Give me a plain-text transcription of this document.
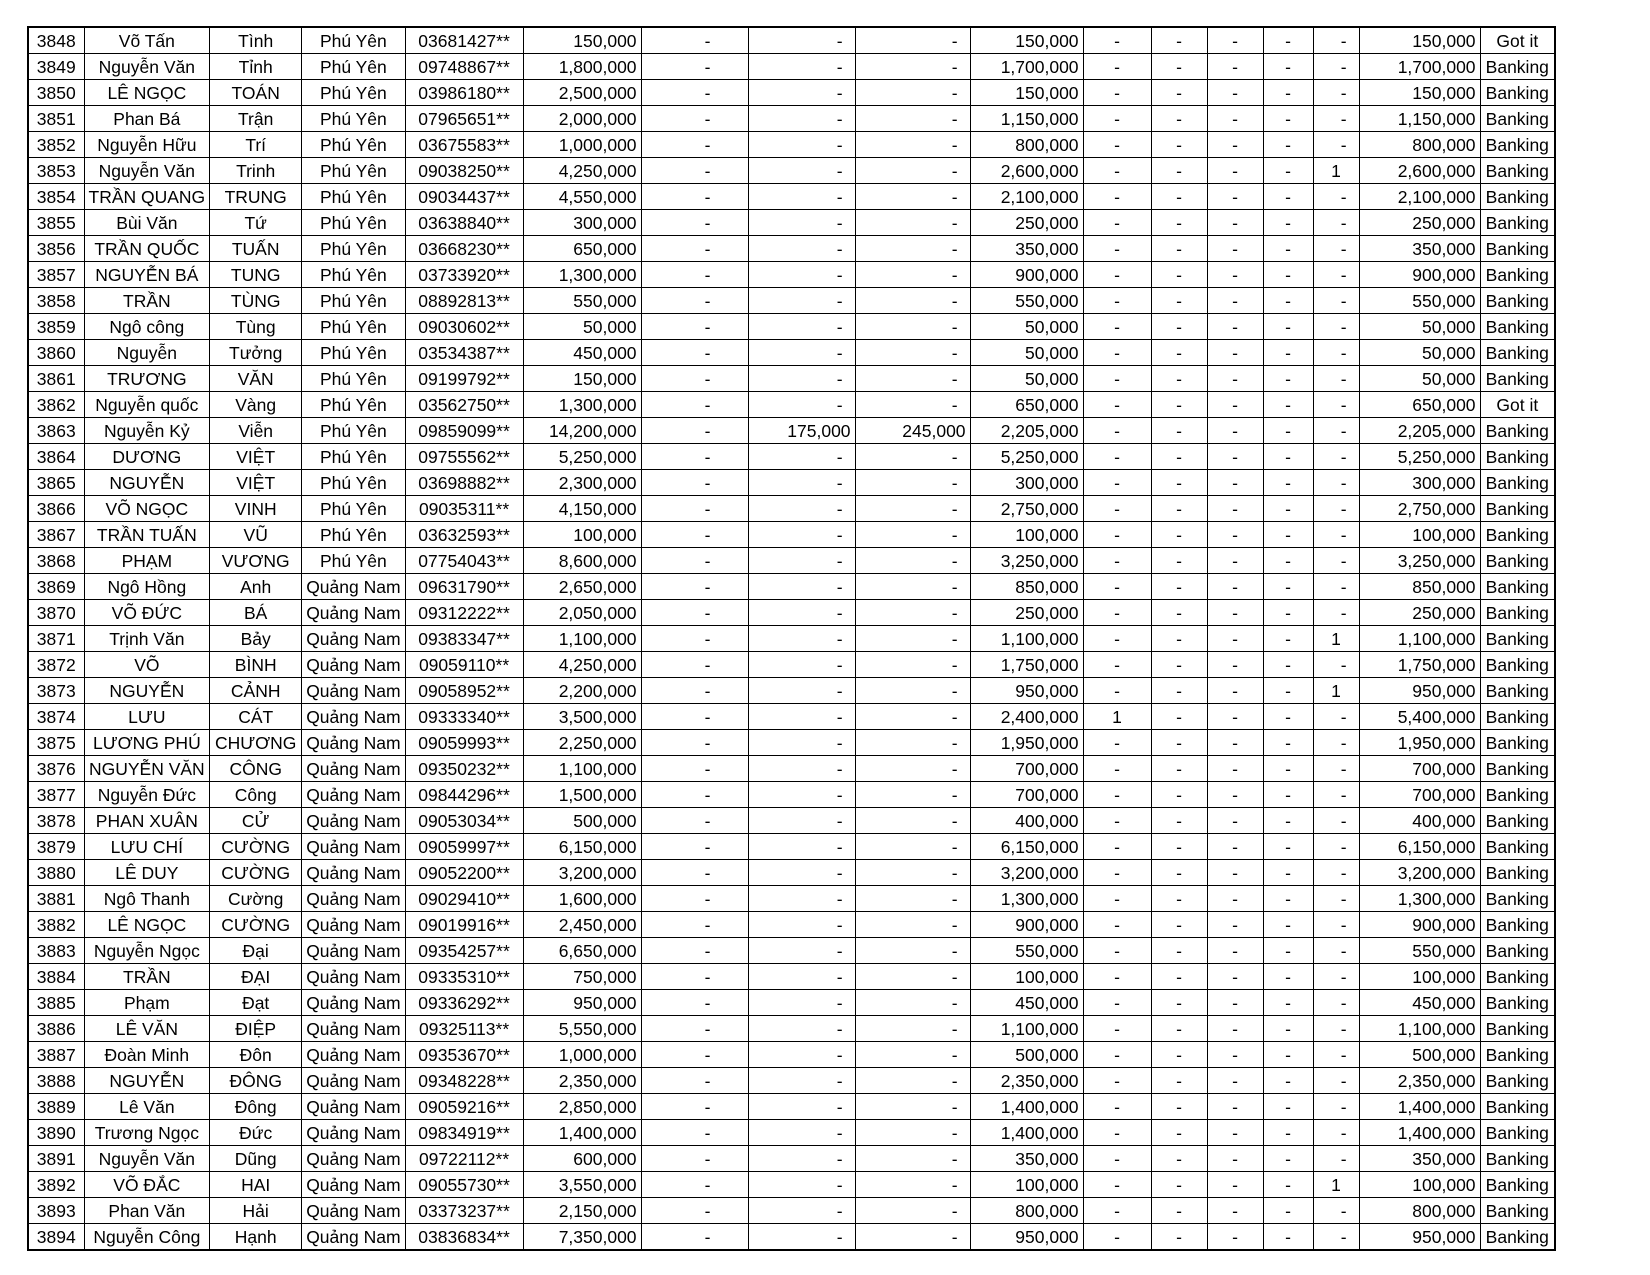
3848	Võ Tấn	Tình	Phú Yên	03681427**	150,000	-	-	-	150,000	-	-	-	-	-	150,000	Got it
3849	Nguyễn Văn	Tỉnh	Phú Yên	09748867**	1,800,000	-	-	-	1,700,000	-	-	-	-	-	1,700,000	Banking
3850	LÊ NGỌC	TOÁN	Phú Yên	03986180**	2,500,000	-	-	-	150,000	-	-	-	-	-	150,000	Banking
3851	Phan Bá	Trận	Phú Yên	07965651**	2,000,000	-	-	-	1,150,000	-	-	-	-	-	1,150,000	Banking
3852	Nguyễn Hữu	Trí	Phú Yên	03675583**	1,000,000	-	-	-	800,000	-	-	-	-	-	800,000	Banking
3853	Nguyễn Văn	Trinh	Phú Yên	09038250**	4,250,000	-	-	-	2,600,000	-	-	-	-	1	2,600,000	Banking
3854	TRẦN QUANG	TRUNG	Phú Yên	09034437**	4,550,000	-	-	-	2,100,000	-	-	-	-	-	2,100,000	Banking
3855	Bùi Văn	Tứ	Phú Yên	03638840**	300,000	-	-	-	250,000	-	-	-	-	-	250,000	Banking
3856	TRẦN QUỐC	TUẤN	Phú Yên	03668230**	650,000	-	-	-	350,000	-	-	-	-	-	350,000	Banking
3857	NGUYỄN BÁ	TUNG	Phú Yên	03733920**	1,300,000	-	-	-	900,000	-	-	-	-	-	900,000	Banking
3858	TRẦN	TÙNG	Phú Yên	08892813**	550,000	-	-	-	550,000	-	-	-	-	-	550,000	Banking
3859	Ngô công	Tùng	Phú Yên	09030602**	50,000	-	-	-	50,000	-	-	-	-	-	50,000	Banking
3860	Nguyễn	Tưởng	Phú Yên	03534387**	450,000	-	-	-	50,000	-	-	-	-	-	50,000	Banking
3861	TRƯƠNG	VĂN	Phú Yên	09199792**	150,000	-	-	-	50,000	-	-	-	-	-	50,000	Banking
3862	Nguyễn quốc	Vàng	Phú Yên	03562750**	1,300,000	-	-	-	650,000	-	-	-	-	-	650,000	Got it
3863	Nguyễn Kỷ	Viễn	Phú Yên	09859099**	14,200,000	-	175,000	245,000	2,205,000	-	-	-	-	-	2,205,000	Banking
3864	DƯƠNG	VIỆT	Phú Yên	09755562**	5,250,000	-	-	-	5,250,000	-	-	-	-	-	5,250,000	Banking
3865	NGUYỄN	VIỆT	Phú Yên	03698882**	2,300,000	-	-	-	300,000	-	-	-	-	-	300,000	Banking
3866	VÕ NGỌC	VINH	Phú Yên	09035311**	4,150,000	-	-	-	2,750,000	-	-	-	-	-	2,750,000	Banking
3867	TRẦN TUẤN	VŨ	Phú Yên	03632593**	100,000	-	-	-	100,000	-	-	-	-	-	100,000	Banking
3868	PHẠM	VƯƠNG	Phú Yên	07754043**	8,600,000	-	-	-	3,250,000	-	-	-	-	-	3,250,000	Banking
3869	Ngô Hồng	Anh	Quảng Nam	09631790**	2,650,000	-	-	-	850,000	-	-	-	-	-	850,000	Banking
3870	VÕ ĐỨC	BÁ	Quảng Nam	09312222**	2,050,000	-	-	-	250,000	-	-	-	-	-	250,000	Banking
3871	Trịnh Văn	Bảy	Quảng Nam	09383347**	1,100,000	-	-	-	1,100,000	-	-	-	-	1	1,100,000	Banking
3872	VÕ	BÌNH	Quảng Nam	09059110**	4,250,000	-	-	-	1,750,000	-	-	-	-	-	1,750,000	Banking
3873	NGUYỄN	CẢNH	Quảng Nam	09058952**	2,200,000	-	-	-	950,000	-	-	-	-	1	950,000	Banking
3874	LƯU	CÁT	Quảng Nam	09333340**	3,500,000	-	-	-	2,400,000	1	-	-	-	-	5,400,000	Banking
3875	LƯƠNG PHÚ	CHƯƠNG	Quảng Nam	09059993**	2,250,000	-	-	-	1,950,000	-	-	-	-	-	1,950,000	Banking
3876	NGUYỄN VĂN	CÔNG	Quảng Nam	09350232**	1,100,000	-	-	-	700,000	-	-	-	-	-	700,000	Banking
3877	Nguyễn Đức	Công	Quảng Nam	09844296**	1,500,000	-	-	-	700,000	-	-	-	-	-	700,000	Banking
3878	PHAN XUÂN	CỬ	Quảng Nam	09053034**	500,000	-	-	-	400,000	-	-	-	-	-	400,000	Banking
3879	LƯU CHÍ	CƯỜNG	Quảng Nam	09059997**	6,150,000	-	-	-	6,150,000	-	-	-	-	-	6,150,000	Banking
3880	LÊ DUY	CƯỜNG	Quảng Nam	09052200**	3,200,000	-	-	-	3,200,000	-	-	-	-	-	3,200,000	Banking
3881	Ngô Thanh	Cường	Quảng Nam	09029410**	1,600,000	-	-	-	1,300,000	-	-	-	-	-	1,300,000	Banking
3882	LÊ NGỌC	CƯỜNG	Quảng Nam	09019916**	2,450,000	-	-	-	900,000	-	-	-	-	-	900,000	Banking
3883	Nguyễn Ngọc	Đại	Quảng Nam	09354257**	6,650,000	-	-	-	550,000	-	-	-	-	-	550,000	Banking
3884	TRẦN	ĐẠI	Quảng Nam	09335310**	750,000	-	-	-	100,000	-	-	-	-	-	100,000	Banking
3885	Phạm	Đạt	Quảng Nam	09336292**	950,000	-	-	-	450,000	-	-	-	-	-	450,000	Banking
3886	LÊ VĂN	ĐIỆP	Quảng Nam	09325113**	5,550,000	-	-	-	1,100,000	-	-	-	-	-	1,100,000	Banking
3887	Đoàn Minh	Đôn	Quảng Nam	09353670**	1,000,000	-	-	-	500,000	-	-	-	-	-	500,000	Banking
3888	NGUYỄN	ĐÔNG	Quảng Nam	09348228**	2,350,000	-	-	-	2,350,000	-	-	-	-	-	2,350,000	Banking
3889	Lê Văn	Đông	Quảng Nam	09059216**	2,850,000	-	-	-	1,400,000	-	-	-	-	-	1,400,000	Banking
3890	Trương Ngọc	Đức	Quảng Nam	09834919**	1,400,000	-	-	-	1,400,000	-	-	-	-	-	1,400,000	Banking
3891	Nguyễn Văn	Dũng	Quảng Nam	09722112**	600,000	-	-	-	350,000	-	-	-	-	-	350,000	Banking
3892	VÕ ĐẮC	HAI	Quảng Nam	09055730**	3,550,000	-	-	-	100,000	-	-	-	-	1	100,000	Banking
3893	Phan Văn	Hải	Quảng Nam	03373237**	2,150,000	-	-	-	800,000	-	-	-	-	-	800,000	Banking
3894	Nguyễn Công	Hạnh	Quảng Nam	03836834**	7,350,000	-	-	-	950,000	-	-	-	-	-	950,000	Banking
